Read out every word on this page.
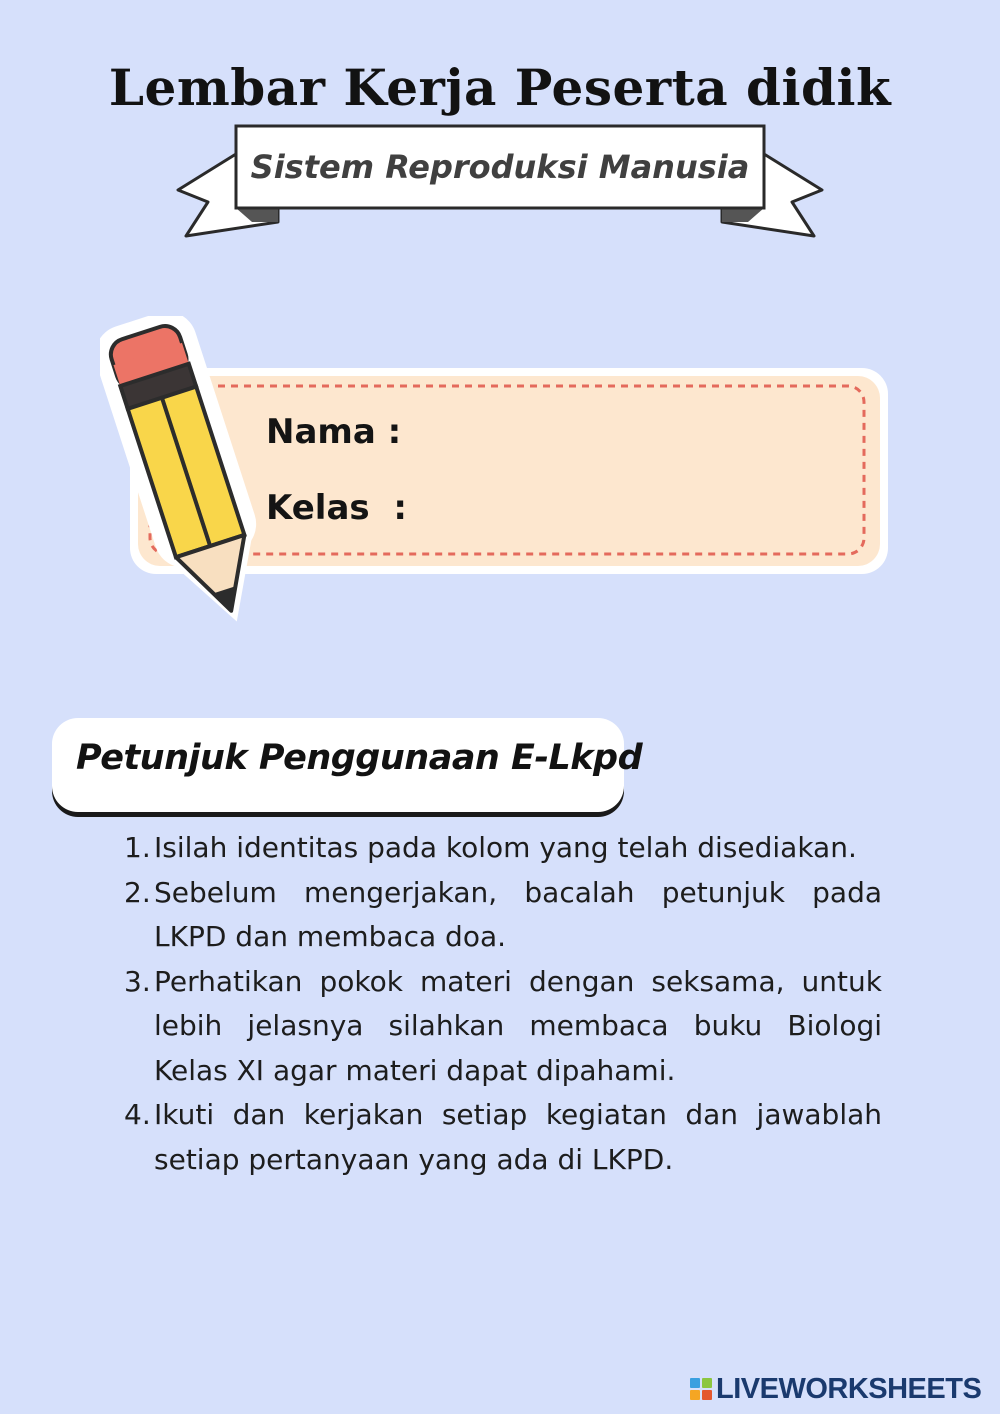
Lembar Kerja Peserta didik
Sistem Reproduksi Manusia
Nama :
Kelas  :
Petunjuk Penggunaan E-Lkpd
1. Isilah identitas pada kolom yang telah disediakan.
2. Sebelum mengerjakan, bacalah petunjuk pada LKPD dan membaca doa.
3. Perhatikan pokok materi dengan seksama, untuk lebih jelasnya silahkan membaca buku Biologi Kelas XI agar materi dapat dipahami.
4. Ikuti dan kerjakan setiap kegiatan dan jawablah setiap pertanyaan yang ada di LKPD.
LIVEWORKSHEETS
